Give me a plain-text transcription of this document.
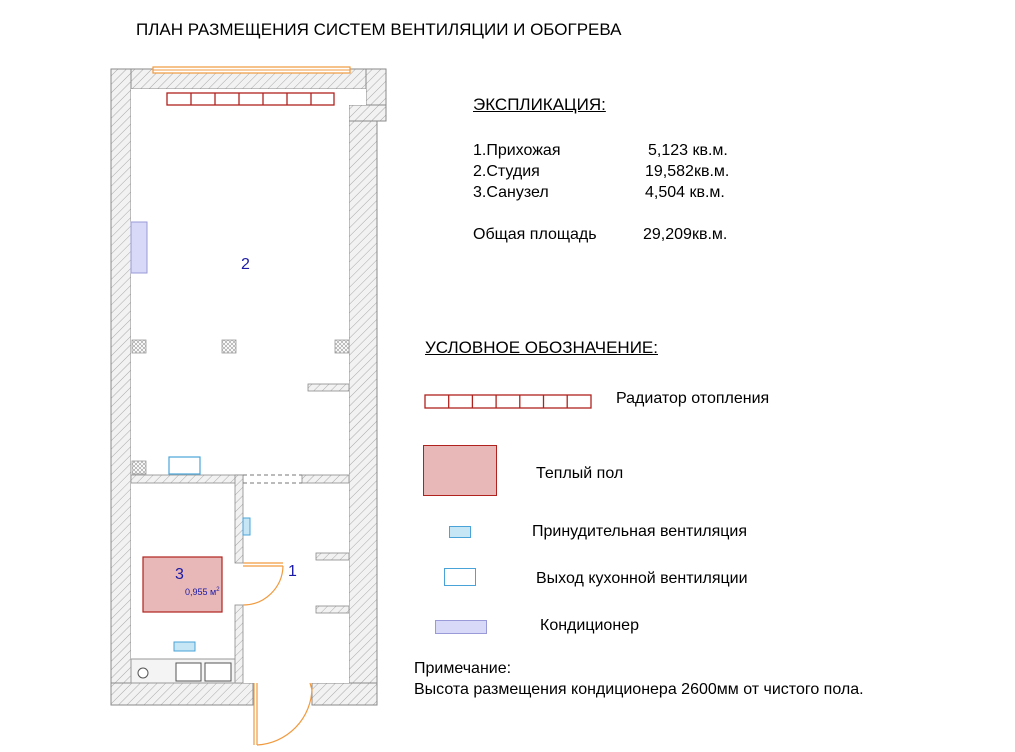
2
3	1
0,955 $м^2$
ПЛАН РАЗМЕЩЕНИЯ СИСТЕМ ВЕНТИЛЯЦИИ И ОБОГРЕВА
ЭКСПЛИКАЦИЯ:
1.Прихожая	5,123 кв.м.
2.Студия	19,582кв.м.
3.Санузел	4,504 кв.м.
Общая площадь	29,209кв.м.
УСЛОВНОЕ ОБОЗНАЧЕНИЕ:
Радиатор отопления
Теплый пол
Принудительная вентиляция
Выход кухонной вентиляции
Кондиционер
Примечание:
Высота размещения кондиционера 2600мм от чистого пола.
